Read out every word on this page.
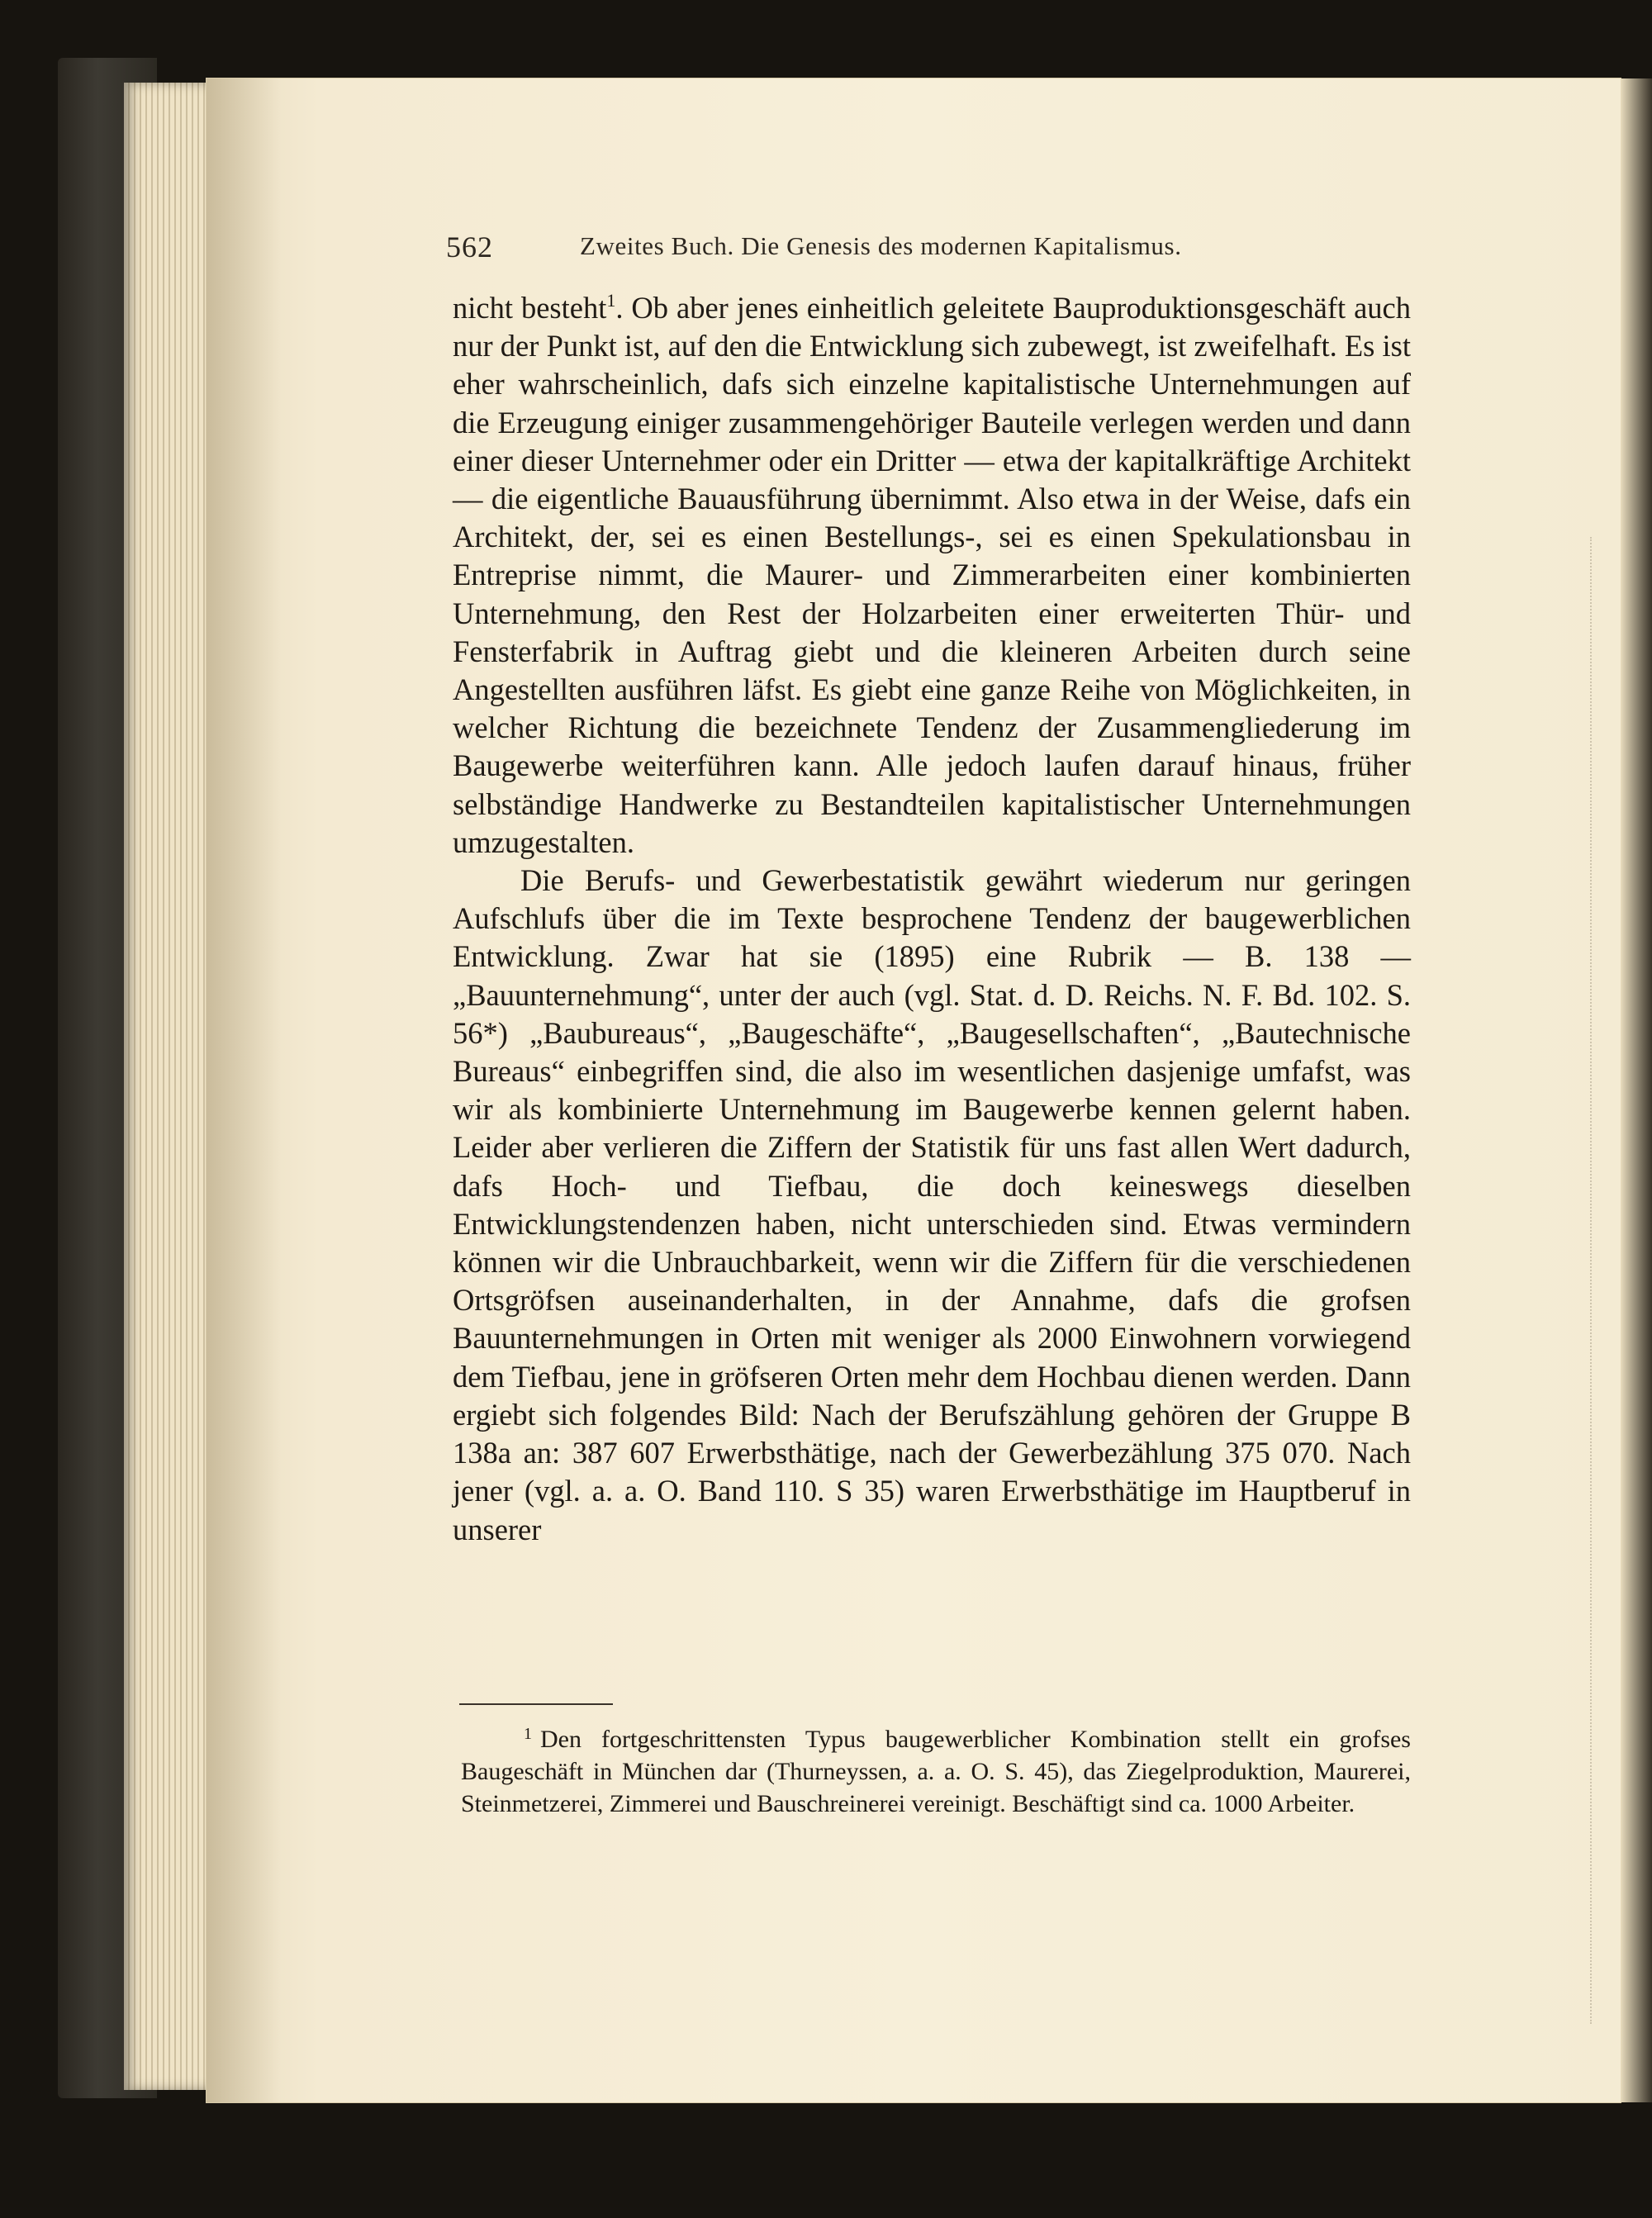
562	Zweites Buch. Die Genesis des modernen Kapitalismus.

nicht besteht$^1$. Ob aber jenes einheitlich geleitete Bauproduktionsgeschäft auch nur der Punkt ist, auf den die Entwicklung sich zubewegt, ist zweifelhaft. Es ist eher wahrscheinlich, dafs sich einzelne kapitalistische Unternehmungen auf die Erzeugung einiger zusammengehöriger Bauteile verlegen werden und dann einer dieser Unternehmer oder ein Dritter — etwa der kapitalkräftige Architekt — die eigentliche Bauausführung übernimmt. Also etwa in der Weise, dafs ein Architekt, der, sei es einen Bestellungs-, sei es einen Spekulationsbau in Entreprise nimmt, die Maurer- und Zimmerarbeiten einer kombinierten Unternehmung, den Rest der Holzarbeiten einer erweiterten Thür- und Fensterfabrik in Auftrag giebt und die kleineren Arbeiten durch seine Angestellten ausführen läfst. Es giebt eine ganze Reihe von Möglichkeiten, in welcher Richtung die bezeichnete Tendenz der Zusammengliederung im Baugewerbe weiterführen kann. Alle jedoch laufen darauf hinaus, früher selbständige Handwerke zu Bestandteilen kapitalistischer Unternehmungen umzugestalten.

Die Berufs- und Gewerbestatistik gewährt wiederum nur geringen Aufschlufs über die im Texte besprochene Tendenz der baugewerblichen Entwicklung. Zwar hat sie (1895) eine Rubrik — B. 138 — „Bauunternehmung“, unter der auch (vgl. Stat. d. D. Reichs. N. F. Bd. 102. S. 56*) „Baubureaus“, „Baugeschäfte“, „Baugesellschaften“, „Bautechnische Bureaus“ einbegriffen sind, die also im wesentlichen dasjenige umfafst, was wir als kombinierte Unternehmung im Baugewerbe kennen gelernt haben. Leider aber verlieren die Ziffern der Statistik für uns fast allen Wert dadurch, dafs Hoch- und Tiefbau, die doch keineswegs dieselben Entwicklungstendenzen haben, nicht unterschieden sind. Etwas vermindern können wir die Unbrauchbarkeit, wenn wir die Ziffern für die verschiedenen Ortsgröfsen auseinanderhalten, in der Annahme, dafs die grofsen Bauunternehmungen in Orten mit weniger als 2000 Einwohnern vorwiegend dem Tiefbau, jene in gröfseren Orten mehr dem Hochbau dienen werden. Dann ergiebt sich folgendes Bild: Nach der Berufszählung gehören der Gruppe B 138a an: 387 607 Erwerbsthätige, nach der Gewerbezählung 375 070. Nach jener (vgl. a. a. O. Band 110. S 35) waren Erwerbsthätige im Hauptberuf in unserer

$^1$ Den fortgeschrittensten Typus baugewerblicher Kombination stellt ein grofses Baugeschäft in München dar (Thurneyssen, a. a. O. S. 45), das Ziegelproduktion, Maurerei, Steinmetzerei, Zimmerei und Bauschreinerei vereinigt. Beschäftigt sind ca. 1000 Arbeiter.
